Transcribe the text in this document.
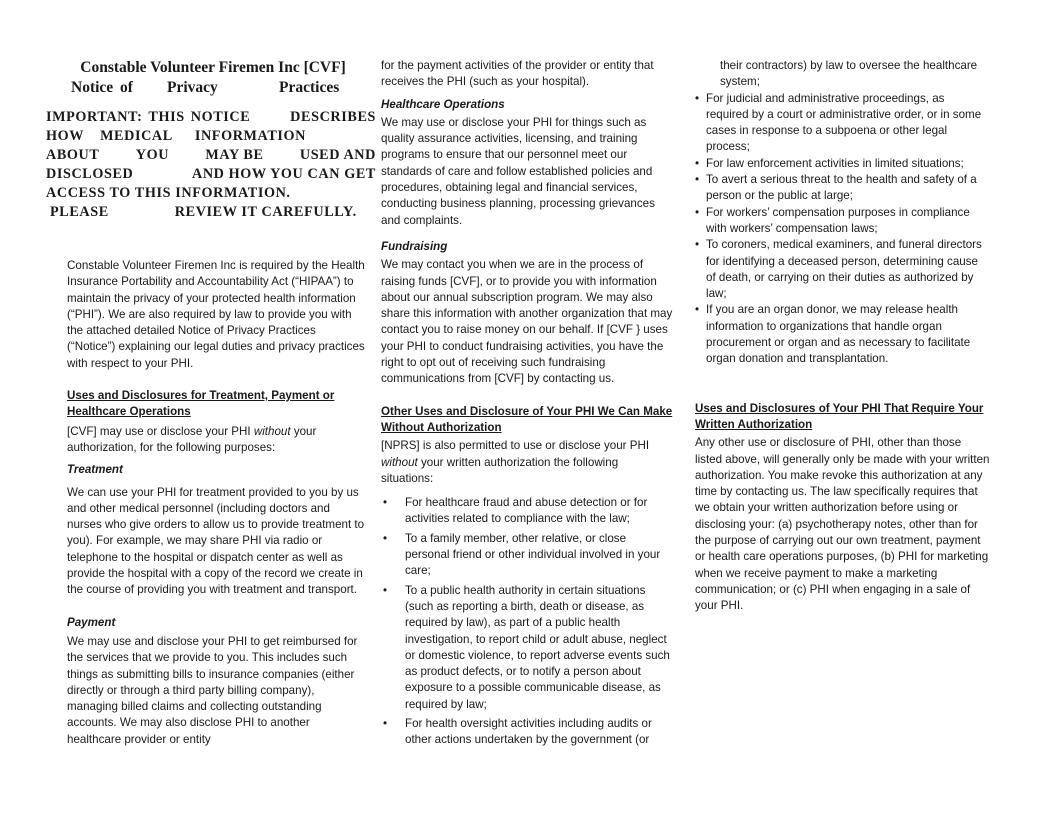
Constable Volunteer Firemen Inc [CVF]

Notice of Privacy	Practices
IMPORTANT: THIS NOTICE	DESCRIBES
HOW MEDICAL INFORMATION
ABOUT	YOU	MAY BE	USED AND
DISCLOSED	AND HOW YOU CAN GET
ACCESS TO THIS INFORMATION.
PLEASE	REVIEW IT CAREFULLY.

Constable Volunteer Firemen Inc is required by the Health Insurance Portability and Accountability Act (“HIPAA”) to maintain the privacy of your protected health information (“PHI”). We are also required by law to provide you with the attached detailed Notice of Privacy Practices (“Notice”) explaining our legal duties and privacy practices with respect to your PHI.

Uses and Disclosures for Treatment, Payment or Healthcare Operations

[CVF] may use or disclose your PHI without your authorization, for the following purposes:

Treatment

We can use your PHI for treatment provided to you by us and other medical personnel (including doctors and nurses who give orders to allow us to provide treatment to you). For example, we may share PHI via radio or telephone to the hospital or dispatch center as well as provide the hospital with a copy of the record we create in the course of providing you with treatment and transport.

Payment

We may use and disclose your PHI to get reimbursed for the services that we provide to you. This includes such things as submitting bills to insurance companies (either directly or through a third party billing company), managing billed claims and collecting outstanding accounts. We may also disclose PHI to another healthcare provider or entity

for the payment activities of the provider or entity that receives the PHI (such as your hospital).

Healthcare Operations

We may use or disclose your PHI for things such as quality assurance activities, licensing, and training programs to ensure that our personnel meet our standards of care and follow established policies and procedures, obtaining legal and financial services, conducting business planning, processing grievances and complaints.

Fundraising

We may contact you when we are in the process of raising funds [CVF], or to provide you with information about our annual subscription program. We may also share this information with another organization that may contact you to raise money on our behalf. If [CVF } uses your PHI to conduct fundraising activities, you have the right to opt out of receiving such fundraising communications from [CVF] by contacting us.

Other Uses and Disclosure of Your PHI We Can Make Without Authorization

[NPRS] is also permitted to use or disclose your PHI without your written authorization the following situations:

• For healthcare fraud and abuse detection or for activities related to compliance with the law;
• To a family member, other relative, or close personal friend or other individual involved in your care;
• To a public health authority in certain situations (such as reporting a birth, death or disease, as required by law), as part of a public health investigation, to report child or adult abuse, neglect or domestic violence, to report adverse events such as product defects, or to notify a person about exposure to a possible communicable disease, as required by law;
• For health oversight activities including audits or other actions undertaken by the government (or

their contractors) by law to oversee the healthcare system;

• For judicial and administrative proceedings, as required by a court or administrative order, or in some cases in response to a subpoena or other legal process;
• For law enforcement activities in limited situations;
• To avert a serious threat to the health and safety of a person or the public at large;
• For workers’ compensation purposes in compliance with workers’ compensation laws;
• To coroners, medical examiners, and funeral directors for identifying a deceased person, determining cause of death, or carrying on their duties as authorized by law;
• If you are an organ donor, we may release health information to organizations that handle organ procurement or organ and as necessary to facilitate organ donation and transplantation.

Uses and Disclosures of Your PHI That Require Your Written Authorization

Any other use or disclosure of PHI, other than those listed above, will generally only be made with your written authorization. You make revoke this authorization at any time by contacting us. The law specifically requires that we obtain your written authorization before using or disclosing your: (a) psychotherapy notes, other than for the purpose of carrying out our own treatment, payment or health care operations purposes, (b) PHI for marketing when we receive payment to make a marketing communication; or (c) PHI when engaging in a sale of your PHI.
